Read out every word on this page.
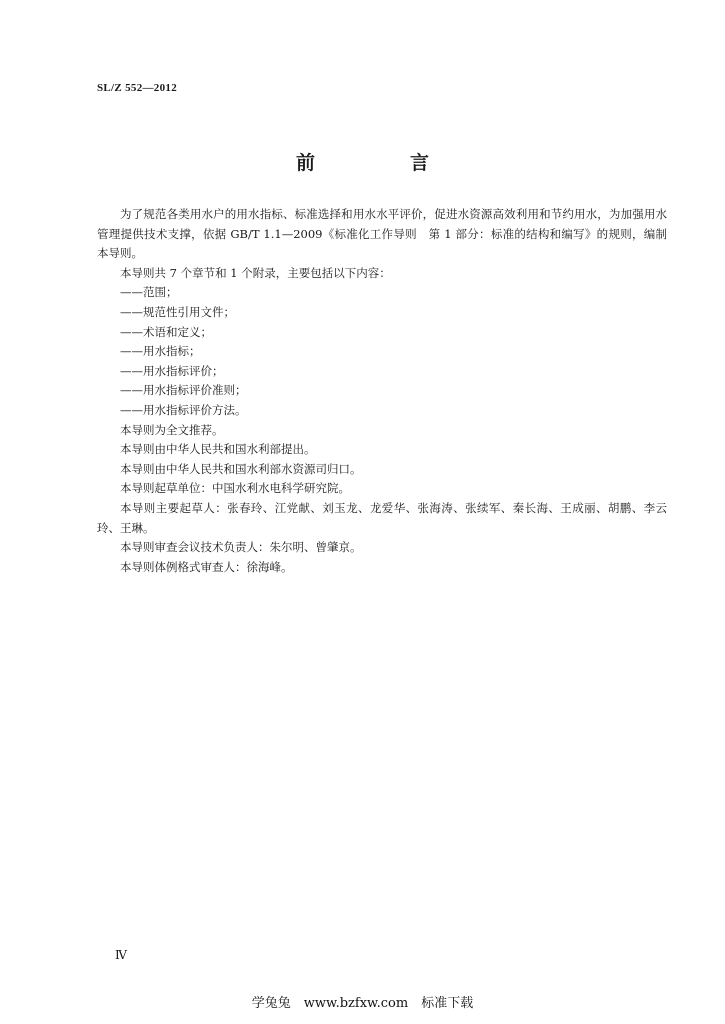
SL/Z 552—2012
前　言

为了规范各类用水户的用水指标、标准选择和用水水平评价，促进水资源高效利用和节约用水，为加强用水管理提供技术支撑，依据 GB/T 1.1—2009《标准化工作导则　第 1 部分：标准的结构和编写》的规则，编制本导则。

本导则共 7 个章节和 1 个附录，主要包括以下内容：

——范围；

——规范性引用文件；

——术语和定义；

——用水指标；

——用水指标评价；

——用水指标评价准则；

——用水指标评价方法。

本导则为全文推荐。

本导则由中华人民共和国水利部提出。

本导则由中华人民共和国水利部水资源司归口。

本导则起草单位：中国水利水电科学研究院。

本导则主要起草人：张春玲、江党献、刘玉龙、龙爱华、张海涛、张续军、秦长海、王成丽、胡鹏、李云玲、王琳。

本导则审查会议技术负责人：朱尔明、曾肇京。

本导则体例格式审查人：徐海峰。

Ⅳ
学兔兔　www.bzfxw.com　标准下载
